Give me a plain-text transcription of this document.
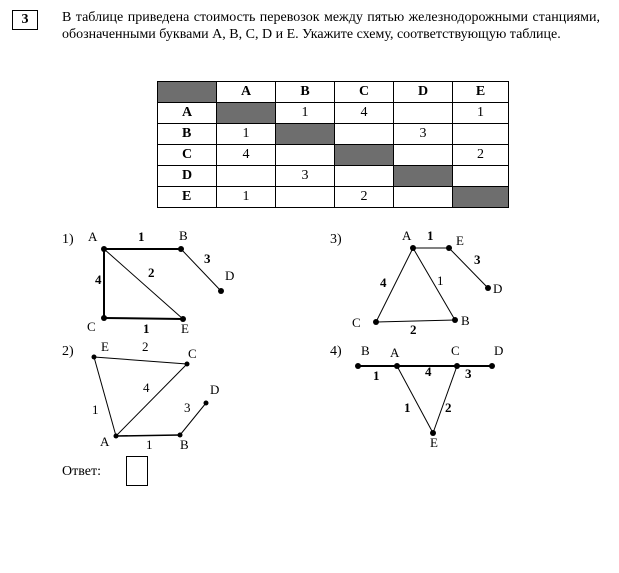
3	В таблице приведена стоимость перевозок между пятью железнодорожными станциями, обозначенными буквами A, B, C, D и E. Укажите схему, соответствующую таблице.

	A	B	C	D	E
A		1	4		1
B	1			3	
C	4				2
D		3			
E	1		2		
1)
2)
3)
4)
A	B
C
D
E
1
3
4	2
1
E	C
D
A	B
2
1
4
1
3
A	E
D
C	B
1
3
4	1
2
B A	C	D
E
1	4	3
1	2
Ответ:
